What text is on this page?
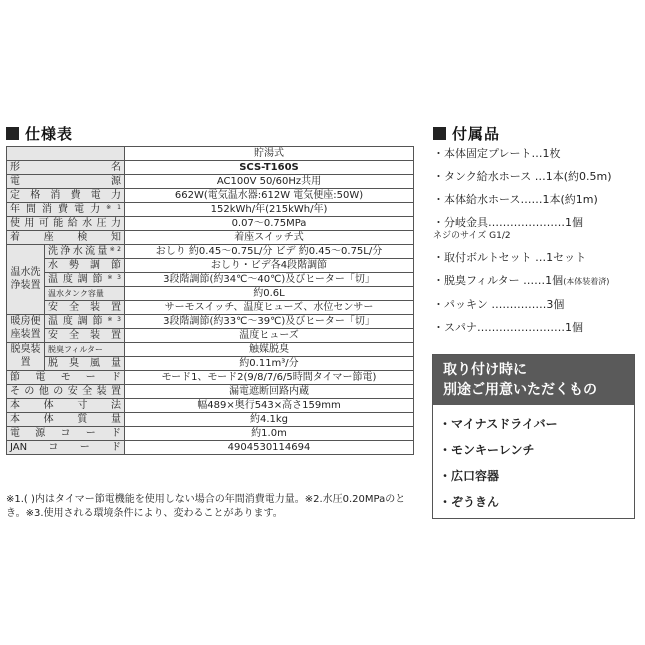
仕様表
		貯湯式
形名		SCS-T160S
電源		AC100V 50/60Hz共用
定格消費電力		662W(電気温水器:612W 電気便座:50W)
年間消費電力$^{※1}$		152kWh/年(215kWh/年)
使用可能給水圧力		0.07〜0.75MPa
着座検知		着座スイッチ式
温水洗浄装置	洗浄水流量$^{※2}$	おしり 約0.45〜0.75L/分 ビデ 約0.45〜0.75L/分
	水勢調節	おしり・ビデ各4段階調節
	温度調節$^{※3}$	3段階調節(約34℃〜40℃)及びヒーター「切」
	温水タンク容量	約0.6L
	安全装置	サーモスイッチ、温度ヒューズ、水位センサー
暖房便座装置	温度調節$^{※3}$	3段階調節(約33℃〜39℃)及びヒーター「切」
	安全装置	温度ヒューズ
脱臭装置	脱臭フィルター	触媒脱臭
	脱臭風量	約0.11m³/分
節電モード		モード1、モード2(9/8/7/6/5時間タイマー節電)
その他の安全装置		漏電遮断回路内蔵
本体寸法		幅489×奥行543×高さ159mm
本体質量		約4.1kg
電源コード		約1.0m
JANコード		4904530114694
※1.( )内はタイマー節電機能を使用しない場合の年間消費電力量。※2.水圧0.20MPaのとき。※3.使用される環境条件により、変わることがあります。
付属品
・本体固定プレート…1枚
・タンク給水ホース …1本(約0.5m)
・本体給水ホース……1本(約1m)
・分岐金具…………………1個
ネジのサイズ G1/2
・取付ボルトセット …1セット
・脱臭フィルター ……1個(本体装着済)
・パッキン ……………3個
・スパナ……………………1個
取り付け時に
別途ご用意いただくもの
・マイナスドライバー
・モンキーレンチ
・広口容器
・ぞうきん
